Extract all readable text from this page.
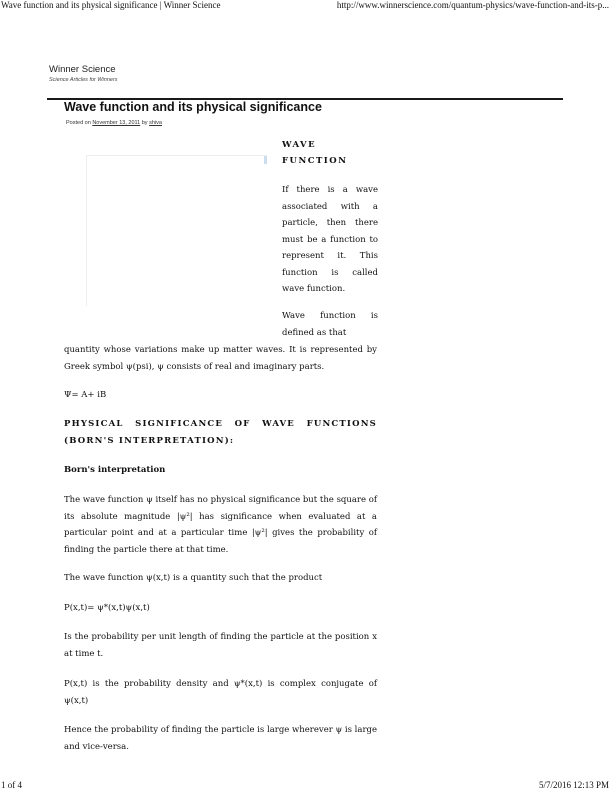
Wave function and its physical significance | Winner Science	http://www.winnerscience.com/quantum-physics/wave-function-and-its-p...
Winner Science
Science Articles for Winners
Wave function and its physical significance
Posted on November 13, 2011 by shiva
WAVE FUNCTION
If there is a wave associated with a particle, then there must be a function to represent it. This function is called wave function.
Wave function is defined as that
quantity whose variations make up matter waves. It is represented by Greek symbol ψ(psi), ψ consists of real and imaginary parts.
Ψ= A+ iB
PHYSICAL SIGNIFICANCE OF WAVE FUNCTIONS (BORN'S INTERPRETATION):
Born's interpretation
The wave function ψ itself has no physical significance but the square of its absolute magnitude |ψ²| has significance when evaluated at a particular point and at a particular time |ψ²| gives the probability of finding the particle there at that time.
The wave function ψ(x,t) is a quantity such that the product
P(x,t)= ψ*(x,t)ψ(x,t)
Is the probability per unit length of finding the particle at the position x at time t.
P(x,t) is the probability density and ψ*(x,t) is complex conjugate of ψ(x,t)
Hence the probability of finding the particle is large wherever ψ is large and vice-versa.
1 of 4	5/7/2016 12:13 PM
